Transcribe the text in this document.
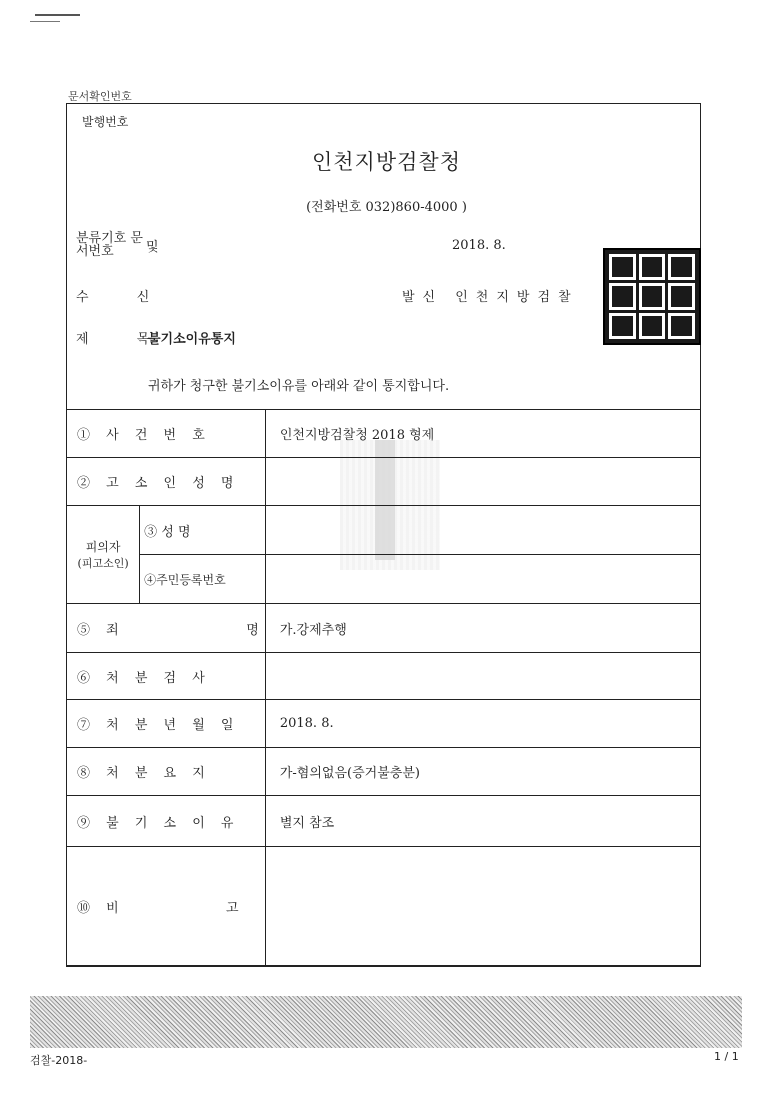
문서확인번호
발행번호
인천지방검찰청
(전화번호 032)860-4000 )
분류기호 문서번호	및	2018. 8.
수 신	발신 인천지방검찰
제 목
불기소이유통지
귀하가 청구한 불기소이유를 아래와 같이 통지합니다.
① 사 건 번 호		인천지방검찰청 2018 형제
② 고 소 인 성 명		

피의자
(피고소인)	③ 성 명	
	④주민등록번호	
⑤ 죄            명		가.강제추행
⑥ 처 분 검 사		
⑦ 처 분 년 월 일		2018. 8.
⑧ 처 분 요 지		가-혐의없음(증거불충분)
⑨ 불 기 소 이 유		별지 참조
⑩ 비          고		
검찰-2018-	1 / 1
